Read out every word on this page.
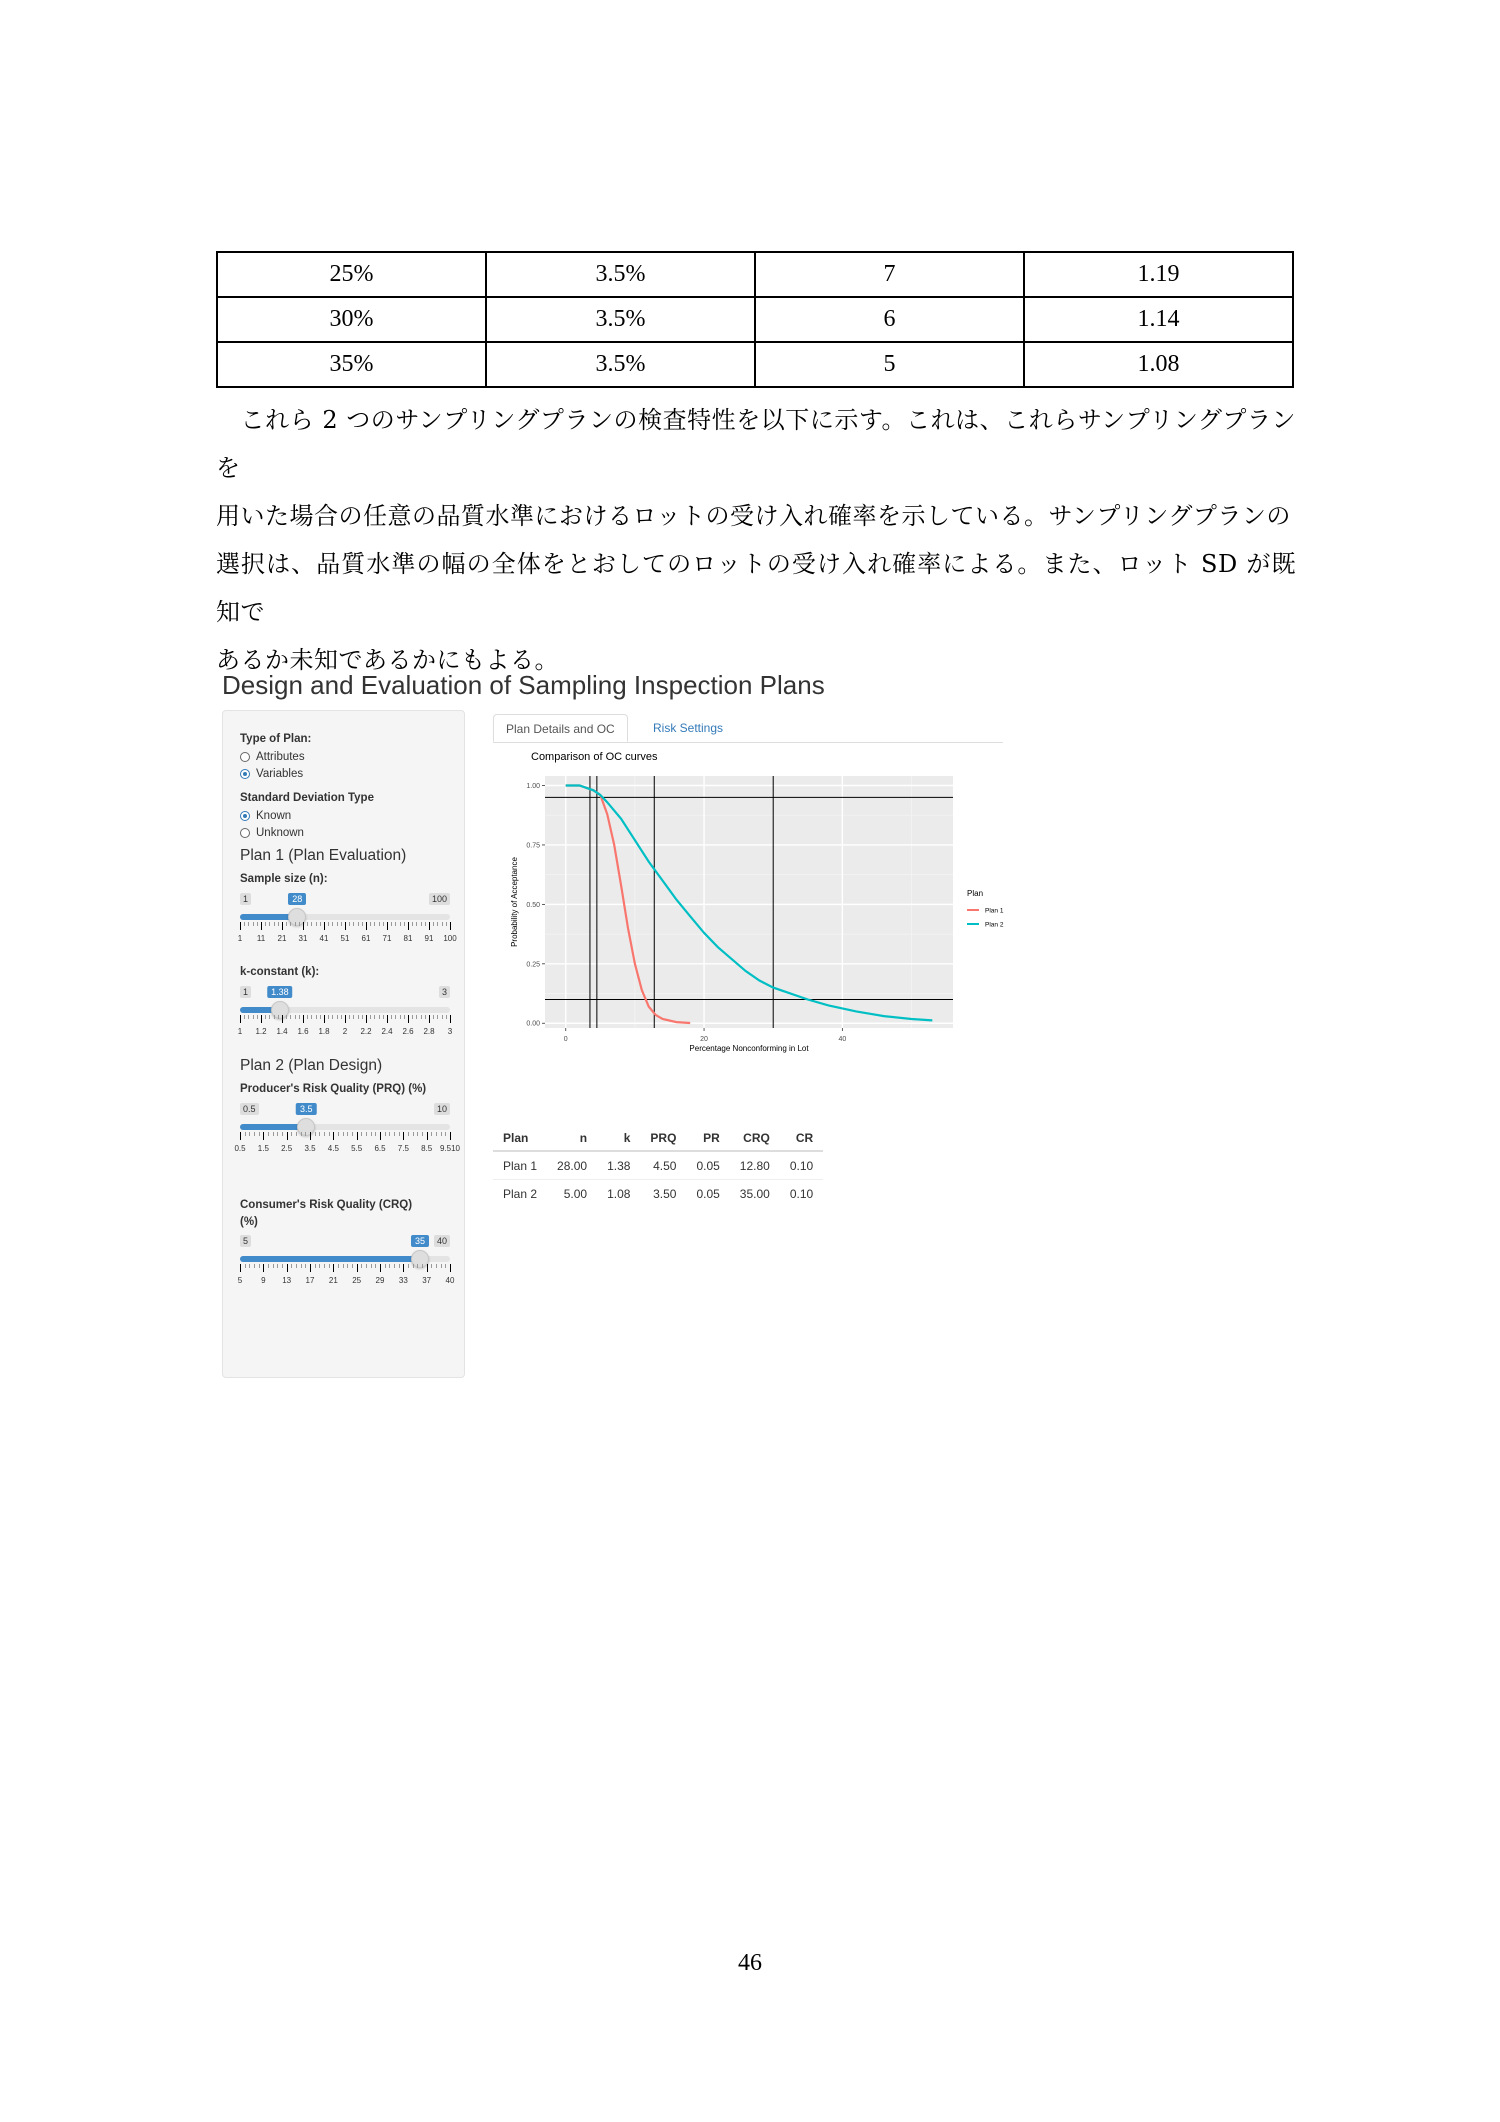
25%	3.5%	7	1.19
30%	3.5%	6	1.14
35%	3.5%	5	1.08

　これら 2 つのサンプリングプランの検査特性を以下に示す。これは、これらサンプリングプランを

用いた場合の任意の品質水準におけるロットの受け入れ確率を示している。サンプリングプランの

選択は、品質水準の幅の全体をとおしてのロットの受け入れ確率による。また、ロット SD が既知で

あるか未知であるかにもよる。

Design and Evaluation of Sampling Inspection Plans
Type of Plan:
Attributes
Variables
Standard Deviation Type
Known
Unknown
Plan 1 (Plan Evaluation)
Sample size (n):
1	100
28
1 11 21 31 41 51 61 71 81 91 100
k-constant (k):
1	3
1.38
1 1.2 1.4 1.6 1.8 2 2.2 2.4 2.6 2.8 3
Plan 2 (Plan Design)
Producer's Risk Quality (PRQ) (%)
0.5	10
3.5
0.5 1.5 2.5 3.5 4.5 5.5 6.5 7.5 8.5 9.510
Consumer's Risk Quality (CRQ)
(%)
5	40
35
5 9 13 17 21 25 29 33 37 40
Plan Details and OC	Risk Settings
Comparison of OC curves
0	20	40
0.00
0.25
0.50
0.75
1.00
Percentage Nonconforming in Lot
Probability of Acceptance	Plan
Plan 1
Plan 2
Plan	n	k	PRQ	PR	CRQ	CR
Plan 1	28.00	1.38	4.50	0.05	12.80	0.10
Plan 2	5.00	1.08	3.50	0.05	35.00	0.10
46
